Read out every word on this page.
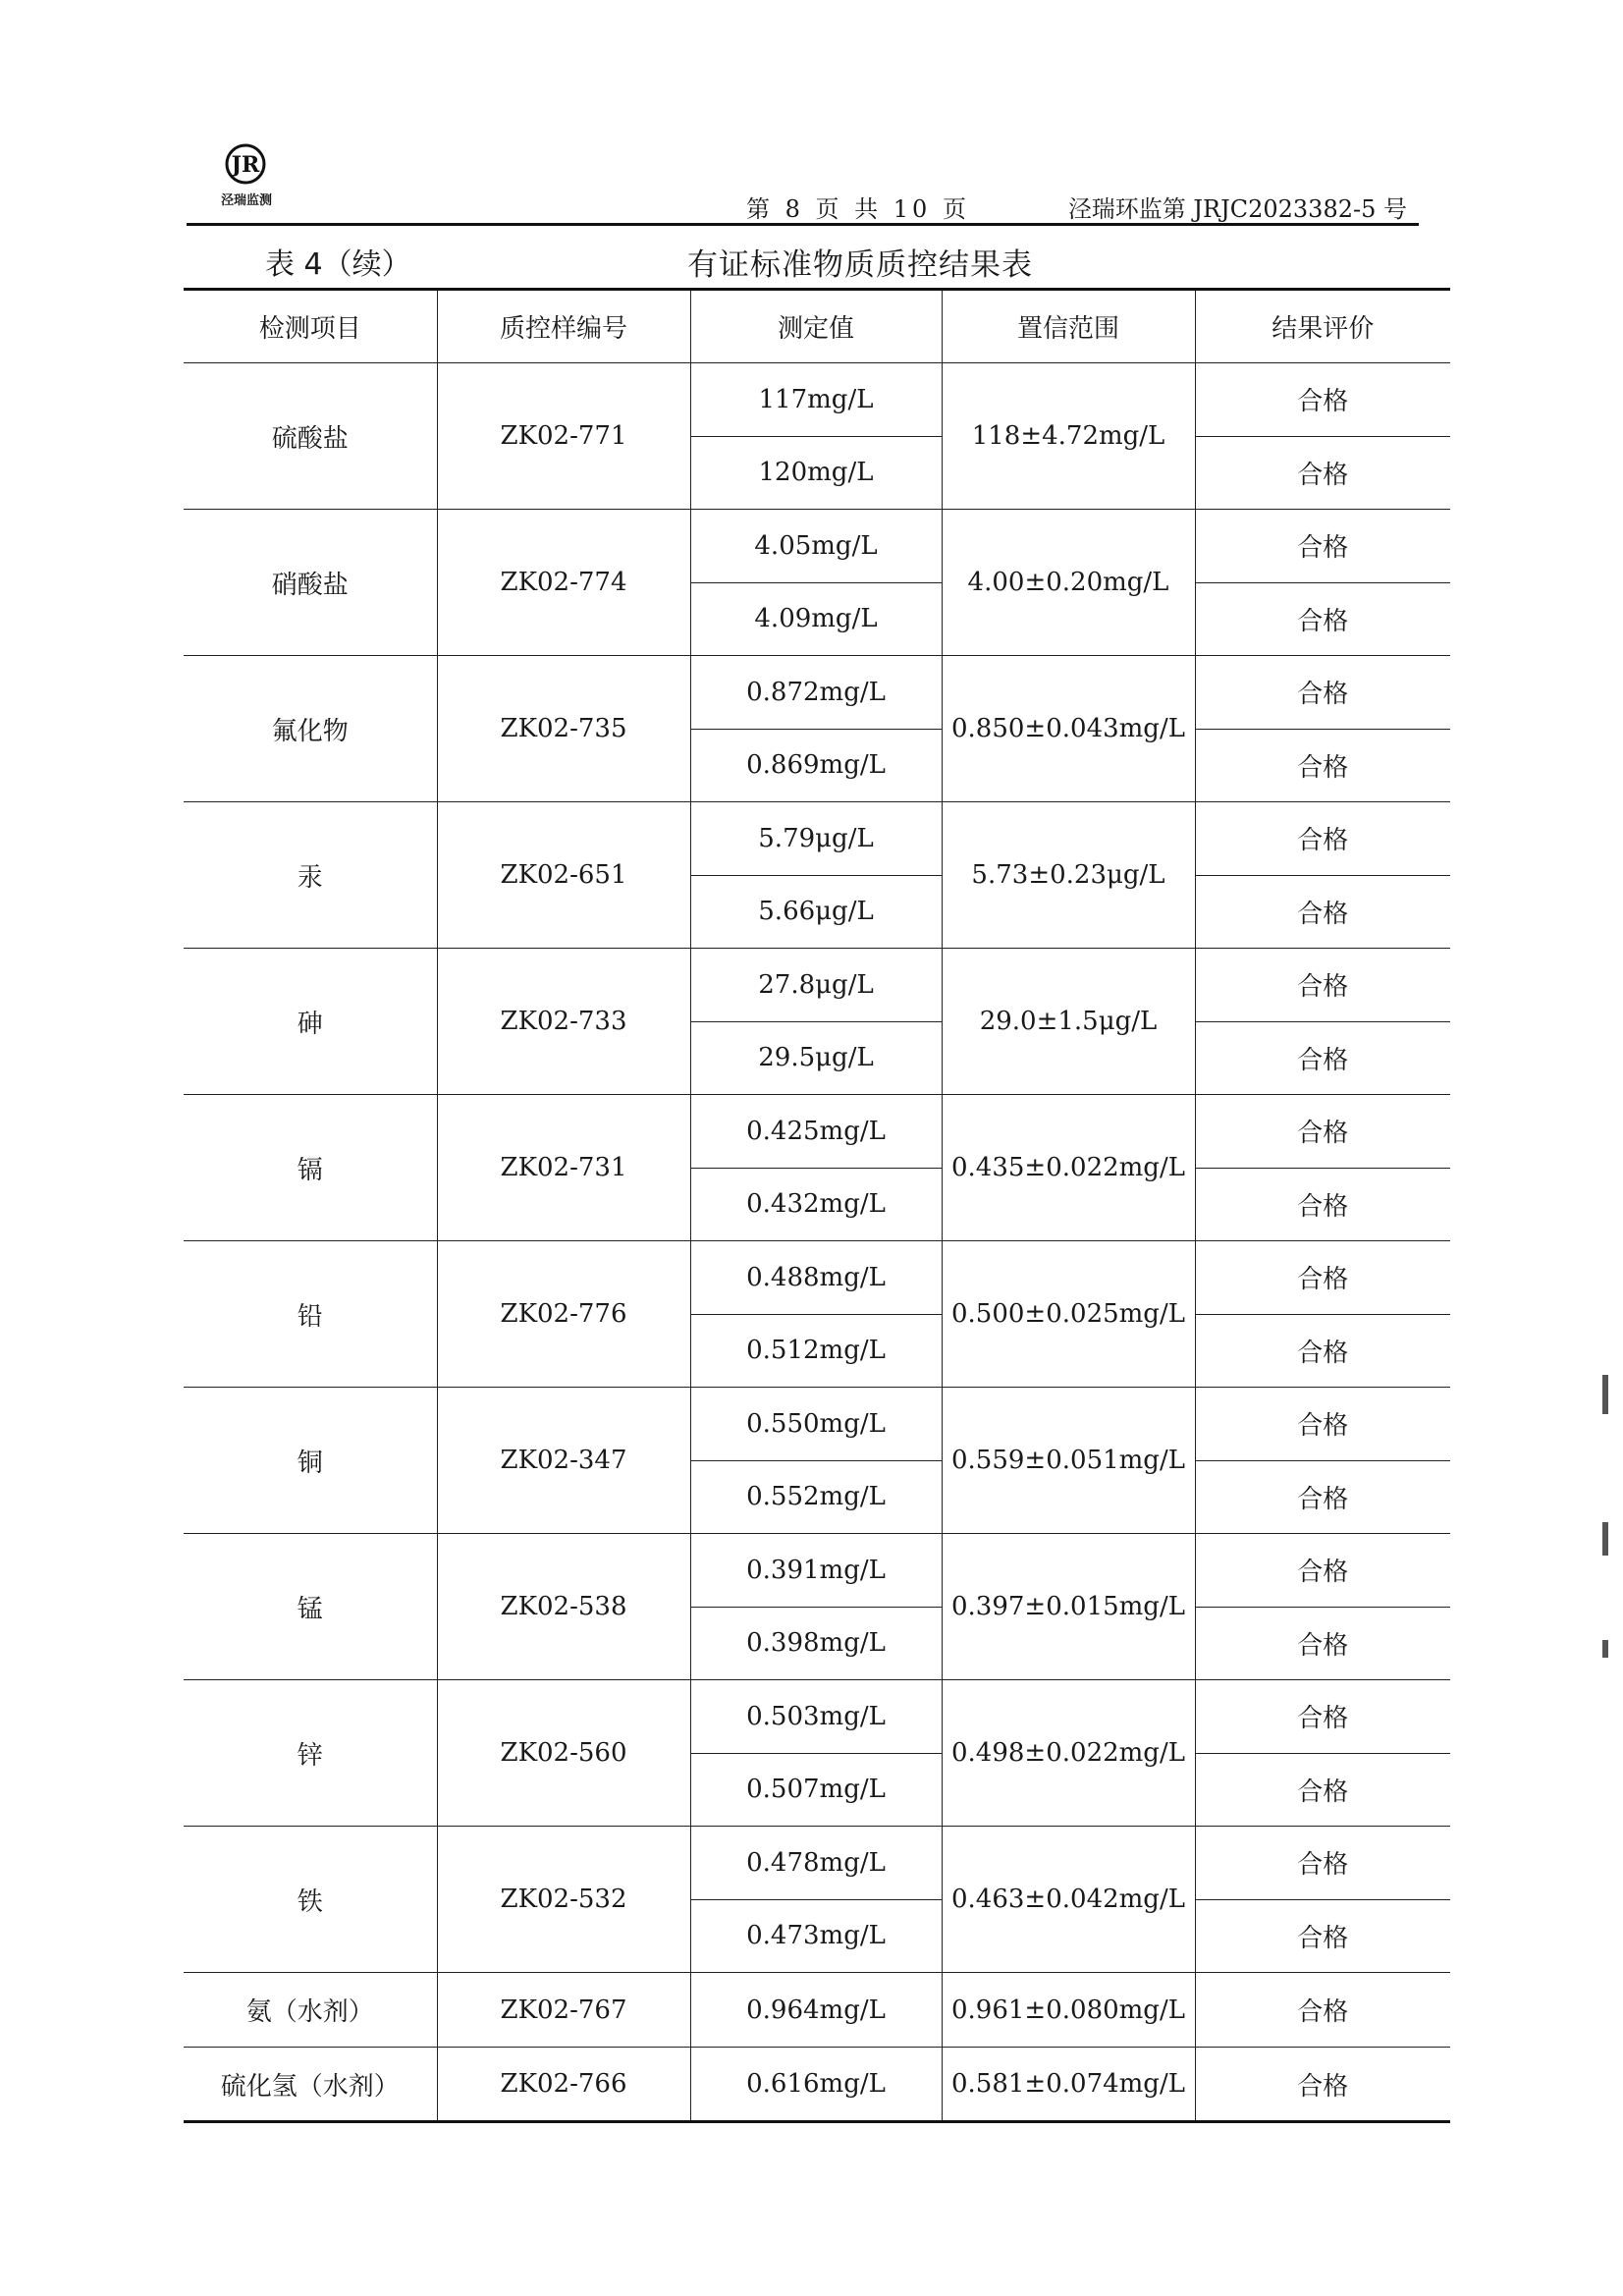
JR
泾瑞监测	第 8 页 共 10 页	泾瑞环监第 JRJC2023382-5 号
表 4（续）	有证标准物质质控结果表
检测项目	质控样编号	测定值	置信范围	结果评价
硫酸盐	ZK02-771	117mg/L	118±4.72mg/L	合格
		120mg/L		合格
硝酸盐	ZK02-774	4.05mg/L	4.00±0.20mg/L	合格
		4.09mg/L		合格
氟化物	ZK02-735	0.872mg/L	0.850±0.043mg/L	合格
		0.869mg/L		合格
汞	ZK02-651	5.79μg/L	5.73±0.23μg/L	合格
		5.66μg/L		合格
砷	ZK02-733	27.8μg/L	29.0±1.5μg/L	合格
		29.5μg/L		合格
镉	ZK02-731	0.425mg/L	0.435±0.022mg/L	合格
		0.432mg/L		合格
铅	ZK02-776	0.488mg/L	0.500±0.025mg/L	合格
		0.512mg/L		合格
铜	ZK02-347	0.550mg/L	0.559±0.051mg/L	合格
		0.552mg/L		合格
锰	ZK02-538	0.391mg/L	0.397±0.015mg/L	合格
		0.398mg/L		合格
锌	ZK02-560	0.503mg/L	0.498±0.022mg/L	合格
		0.507mg/L		合格
铁	ZK02-532	0.478mg/L	0.463±0.042mg/L	合格
		0.473mg/L		合格
氨（水剂）	ZK02-767	0.964mg/L	0.961±0.080mg/L	合格
硫化氢（水剂）	ZK02-766	0.616mg/L	0.581±0.074mg/L	合格
